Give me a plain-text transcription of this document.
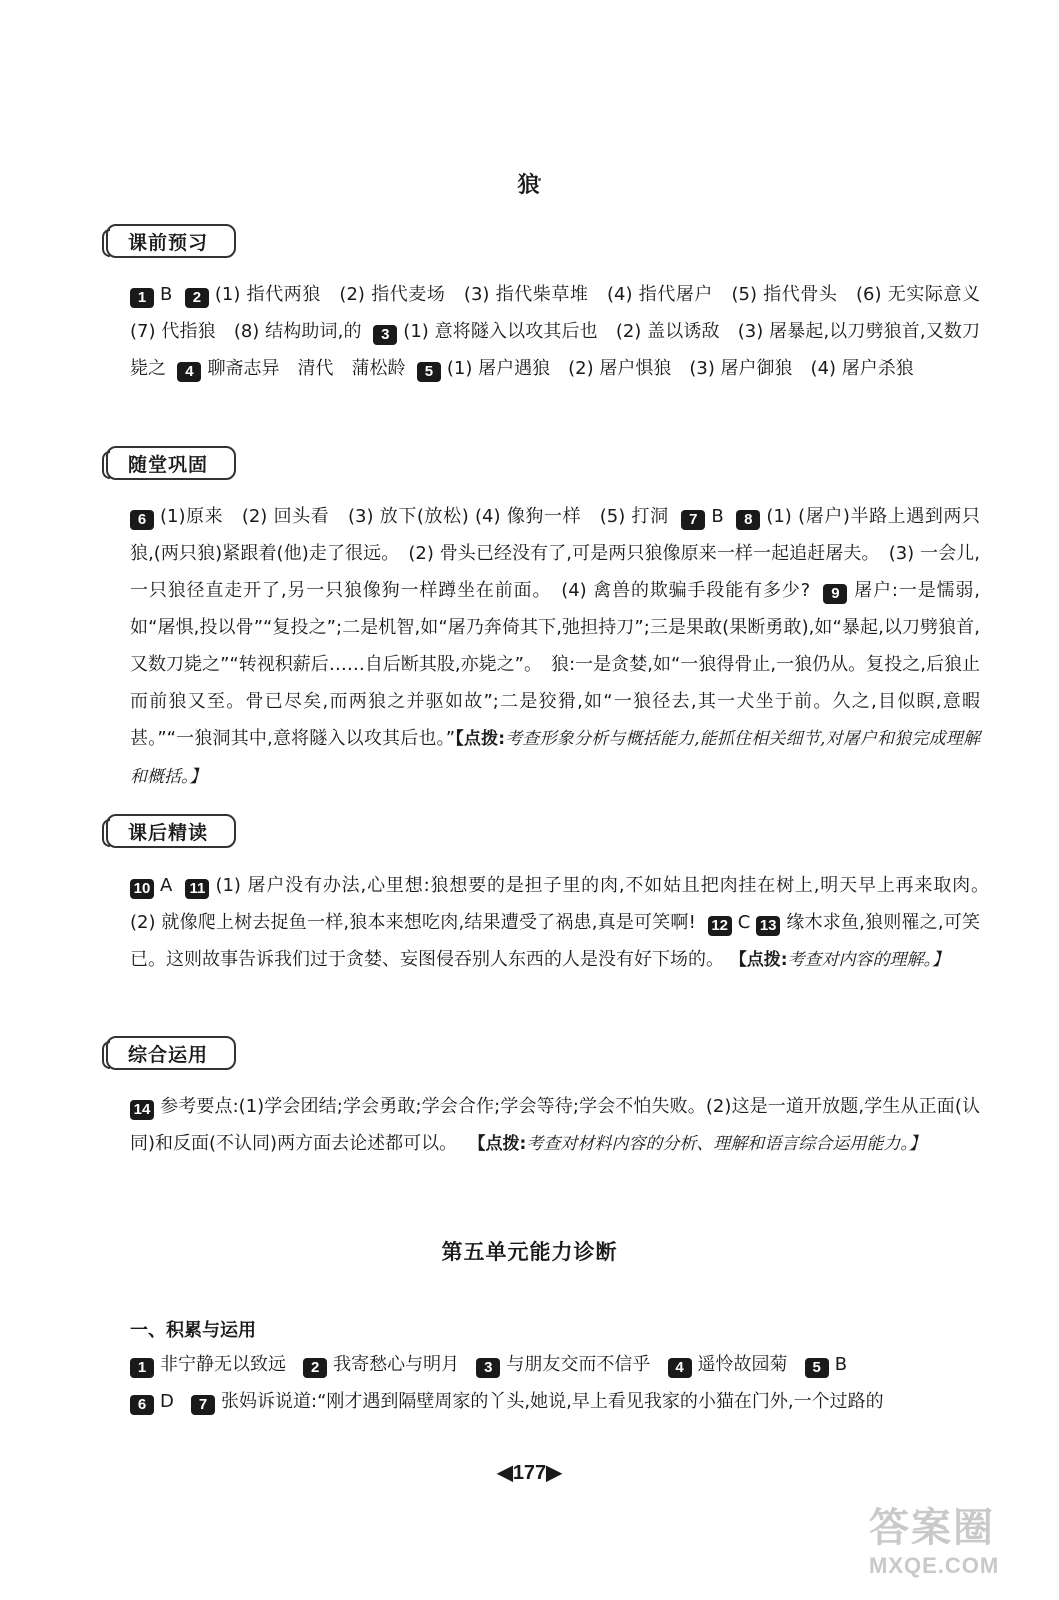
狼
课前预习
1 B 2 (1) 指代两狼　(2) 指代麦场　(3) 指代柴草堆　(4) 指代屠户　(5) 指代骨头　(6) 无实际意义　(7) 代指狼　(8) 结构助词,的 3 (1) 意将隧入以攻其后也　(2) 盖以诱敌　(3) 屠暴起,以刀劈狼首,又数刀毙之 4 聊斋志异　清代　蒲松龄 5 (1) 屠户遇狼　(2) 屠户惧狼　(3) 屠户御狼　(4) 屠户杀狼
随堂巩固
6 (1)原来　(2) 回头看　(3) 放下(放松) (4) 像狗一样　(5) 打洞 7 B 8 (1) (屠户)半路上遇到两只狼,(两只狼)紧跟着(他)走了很远。　(2) 骨头已经没有了,可是两只狼像原来一样一起追赶屠夫。　(3) 一会儿,一只狼径直走开了,另一只狼像狗一样蹲坐在前面。　(4) 禽兽的欺骗手段能有多少? 9 屠户:一是懦弱,如“屠惧,投以骨”“复投之”;二是机智,如“屠乃奔倚其下,弛担持刀”;三是果敢(果断勇敢),如“暴起,以刀劈狼首,又数刀毙之”“转视积薪后……自后断其股,亦毙之”。　狼:一是贪婪,如“一狼得骨止,一狼仍从。复投之,后狼止而前狼又至。骨已尽矣,而两狼之并驱如故”;二是狡猾,如“一狼径去,其一犬坐于前。久之,目似瞑,意暇甚。”“一狼洞其中,意将隧入以攻其后也。”【点拨:考查形象分析与概括能力,能抓住相关细节,对屠户和狼完成理解和概括。】
课后精读
10 A 11 (1) 屠户没有办法,心里想:狼想要的是担子里的肉,不如姑且把肉挂在树上,明天早上再来取肉。　(2) 就像爬上树去捉鱼一样,狼本来想吃肉,结果遭受了祸患,真是可笑啊! 12 C 13 缘木求鱼,狼则罹之,可笑已。这则故事告诉我们过于贪婪、妄图侵吞别人东西的人是没有好下场的。 【点拨:考查对内容的理解。】
综合运用
14 参考要点:(1)学会团结;学会勇敢;学会合作;学会等待;学会不怕失败。(2)这是一道开放题,学生从正面(认同)和反面(不认同)两方面去论述都可以。 【点拨:考查对材料内容的分析、理解和语言综合运用能力。】
第五单元能力诊断
一、积累与运用
1 非宁静无以致远 2 我寄愁心与明月 3 与朋友交而不信乎 4 遥怜故园菊 5 B
6 D 7 张妈诉说道:“刚才遇到隔壁周家的丫头,她说,早上看见我家的小猫在门外,一个过路的
◀177▶
答案圈
MXQE.COM
